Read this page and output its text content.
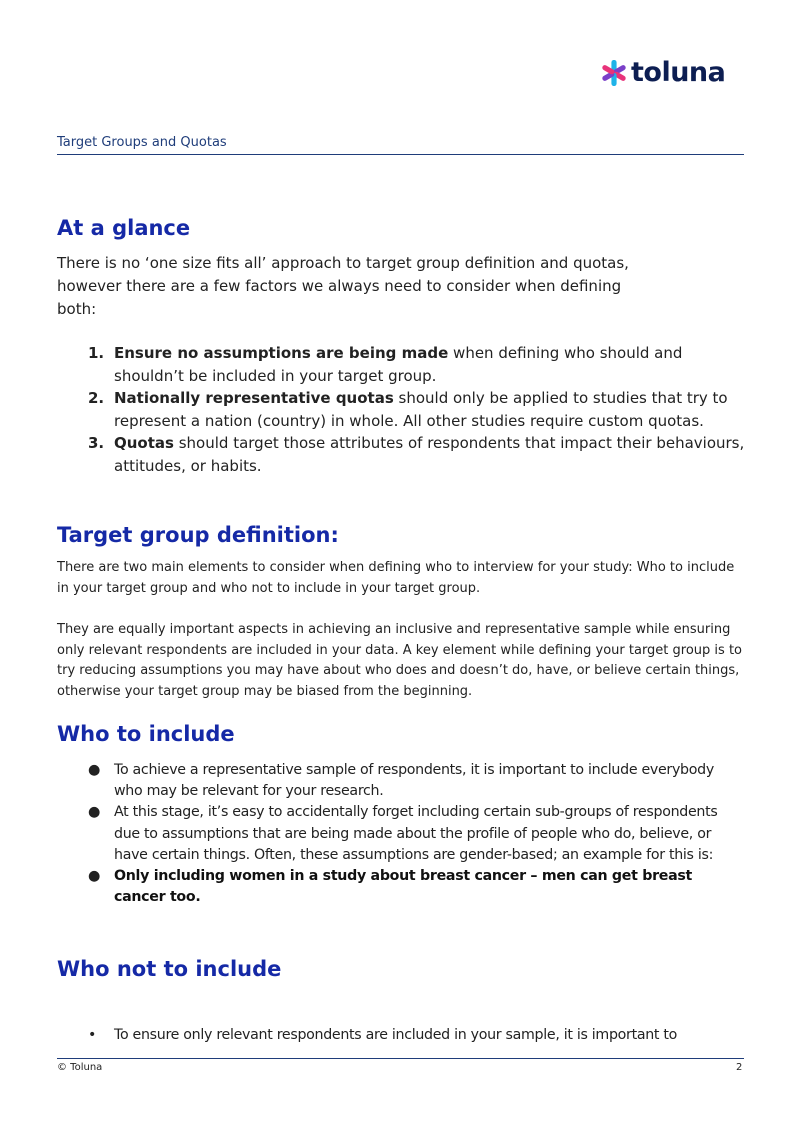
toluna
Target Groups and Quotas
At a glance

There is no ‘one size fits all’ approach to target group definition and quotas,
however there are a few factors we always need to consider when defining
both:

1. Ensure no assumptions are being made when defining who should and shouldn’t be included in your target group.
2. Nationally representative quotas should only be applied to studies that try to represent a nation (country) in whole. All other studies require custom quotas.
3. Quotas should target those attributes of respondents that impact their behaviours, attitudes, or habits.
Target group definition:

There are two main elements to consider when defining who to interview for your study: Who to include in your target group and who not to include in your target group.

They are equally important aspects in achieving an inclusive and representative sample while ensuring only relevant respondents are included in your data. A key element while defining your target group is to try reducing assumptions you may have about who does and doesn’t do, have, or believe certain things, otherwise your target group may be biased from the beginning.

Who to include
● To achieve a representative sample of respondents, it is important to include everybody who may be relevant for your research.
● At this stage, it’s easy to accidentally forget including certain sub-groups of respondents due to assumptions that are being made about the profile of people who do, believe, or have certain things. Often, these assumptions are gender-based; an example for this is:
● Only including women in a study about breast cancer – men can get breast cancer too.
Who not to include
• To ensure only relevant respondents are included in your sample, it is important to
© Toluna	2
